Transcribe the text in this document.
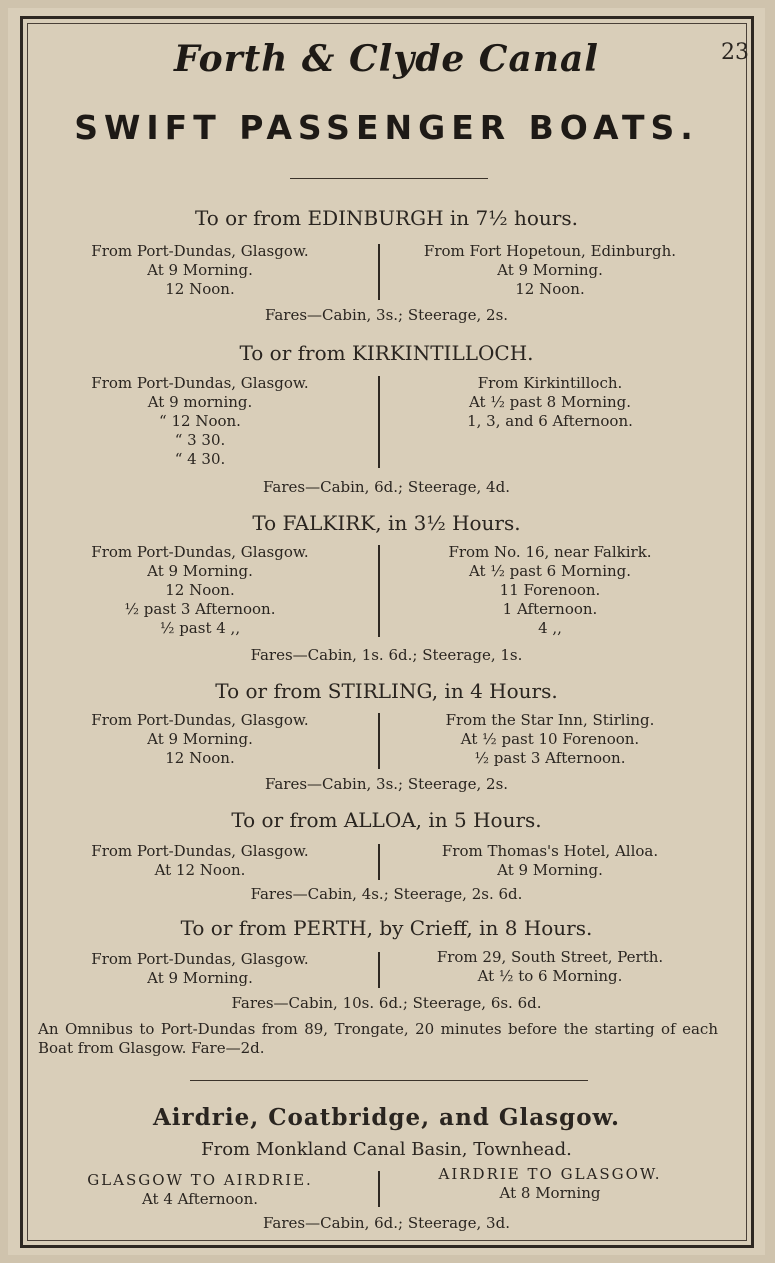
Forth & Clyde Canal	23
SWIFT PASSENGER BOATS.
To or from EDINBURGH in 7½ hours.
From Port-Dundas, Glasgow.
At 9 Morning.
12 Noon.
From Fort Hopetoun, Edinburgh.
At 9 Morning.
12 Noon.
Fares—Cabin, 3s.; Steerage, 2s.
To or from KIRKINTILLOCH.
From Port-Dundas, Glasgow.
At 9 morning.
“ 12 Noon.
“ 3 30.
“ 4 30.
From Kirkintilloch.
At ½ past 8 Morning.
1, 3, and 6 Afternoon.
Fares—Cabin, 6d.; Steerage, 4d.
To FALKIRK, in 3½ Hours.
From Port-Dundas, Glasgow.
At 9 Morning.
12 Noon.
½ past 3 Afternoon.
½ past 4 ,,
From No. 16, near Falkirk.
At ½ past 6 Morning.
11 Forenoon.
1 Afternoon.
4 ,,
Fares—Cabin, 1s. 6d.; Steerage, 1s.
To or from STIRLING, in 4 Hours.
From Port-Dundas, Glasgow.
At 9 Morning.
12 Noon.
From the Star Inn, Stirling.
At ½ past 10 Forenoon.
½ past 3 Afternoon.
Fares—Cabin, 3s.; Steerage, 2s.
To or from ALLOA, in 5 Hours.
From Port-Dundas, Glasgow.
At 12 Noon.
From Thomas's Hotel, Alloa.
At 9 Morning.
Fares—Cabin, 4s.; Steerage, 2s. 6d.
To or from PERTH, by Crieff, in 8 Hours.
From Port-Dundas, Glasgow.
At 9 Morning.
From 29, South Street, Perth.
At ½ to 6 Morning.
Fares—Cabin, 10s. 6d.; Steerage, 6s. 6d.
An Omnibus to Port-Dundas from 89, Trongate, 20 minutes before the starting of each Boat from Glasgow. Fare—2d.
Airdrie, Coatbridge, and Glasgow.
From Monkland Canal Basin, Townhead.
GLASGOW TO AIRDRIE.
At 4 Afternoon.
AIRDRIE TO GLASGOW.
At 8 Morning
Fares—Cabin, 6d.; Steerage, 3d.
